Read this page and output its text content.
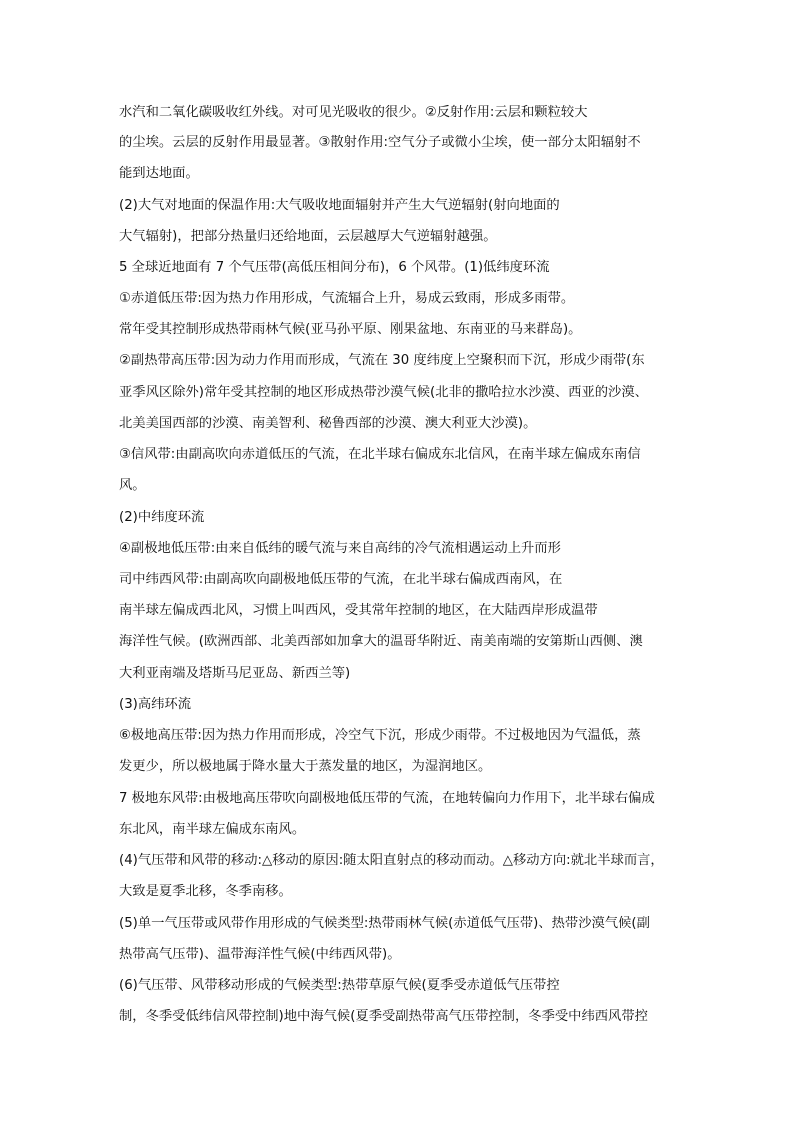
水汽和二氧化碳吸收红外线。对可见光吸收的很少。②反射作用:云层和颗粒较大
的尘埃。云层的反射作用最显著。③散射作用:空气分子或微小尘埃，使一部分太阳辐射不
能到达地面。
(2)大气对地面的保温作用:大气吸收地面辐射并产生大气逆辐射(射向地面的
大气辐射)，把部分热量归还给地面，云层越厚大气逆辐射越强。
5 全球近地面有 7 个气压带(高低压相间分布)，6 个风带。(1)低纬度环流
①赤道低压带:因为热力作用形成，气流辐合上升，易成云致雨，形成多雨带。
常年受其控制形成热带雨林气候(亚马孙平原、刚果盆地、东南亚的马来群岛)。
②副热带高压带:因为动力作用而形成，气流在 30 度纬度上空聚积而下沉，形成少雨带(东
亚季风区除外)常年受其控制的地区形成热带沙漠气候(北非的撒哈拉水沙漠、西亚的沙漠、
北美美国西部的沙漠、南美智利、秘鲁西部的沙漠、澳大利亚大沙漠)。
③信风带:由副高吹向赤道低压的气流，在北半球右偏成东北信风，在南半球左偏成东南信
风。
(2)中纬度环流
④副极地低压带:由来自低纬的暖气流与来自高纬的冷气流相遇运动上升而形
司中纬西风带:由副高吹向副极地低压带的气流，在北半球右偏成西南风，在
南半球左偏成西北风，习惯上叫西风，受其常年控制的地区，在大陆西岸形成温带
海洋性气候。(欧洲西部、北美西部如加拿大的温哥华附近、南美南端的安第斯山西侧、澳
大利亚南端及塔斯马尼亚岛、新西兰等)
(3)高纬环流
⑥极地高压带:因为热力作用而形成，冷空气下沉，形成少雨带。不过极地因为气温低，蒸
发更少，所以极地属于降水量大于蒸发量的地区，为湿润地区。
7 极地东风带:由极地高压带吹向副极地低压带的气流，在地转偏向力作用下，北半球右偏成
东北风，南半球左偏成东南风。
(4)气压带和风带的移动:△移动的原因:随太阳直射点的移动而动。△移动方向:就北半球而言，
大致是夏季北移，冬季南移。
(5)单一气压带或风带作用形成的气候类型:热带雨林气候(赤道低气压带)、热带沙漠气候(副
热带高气压带)、温带海洋性气候(中纬西风带)。
(6)气压带、风带移动形成的气候类型:热带草原气候(夏季受赤道低气压带控
制，冬季受低纬信风带控制)地中海气候(夏季受副热带高气压带控制，冬季受中纬西风带控
